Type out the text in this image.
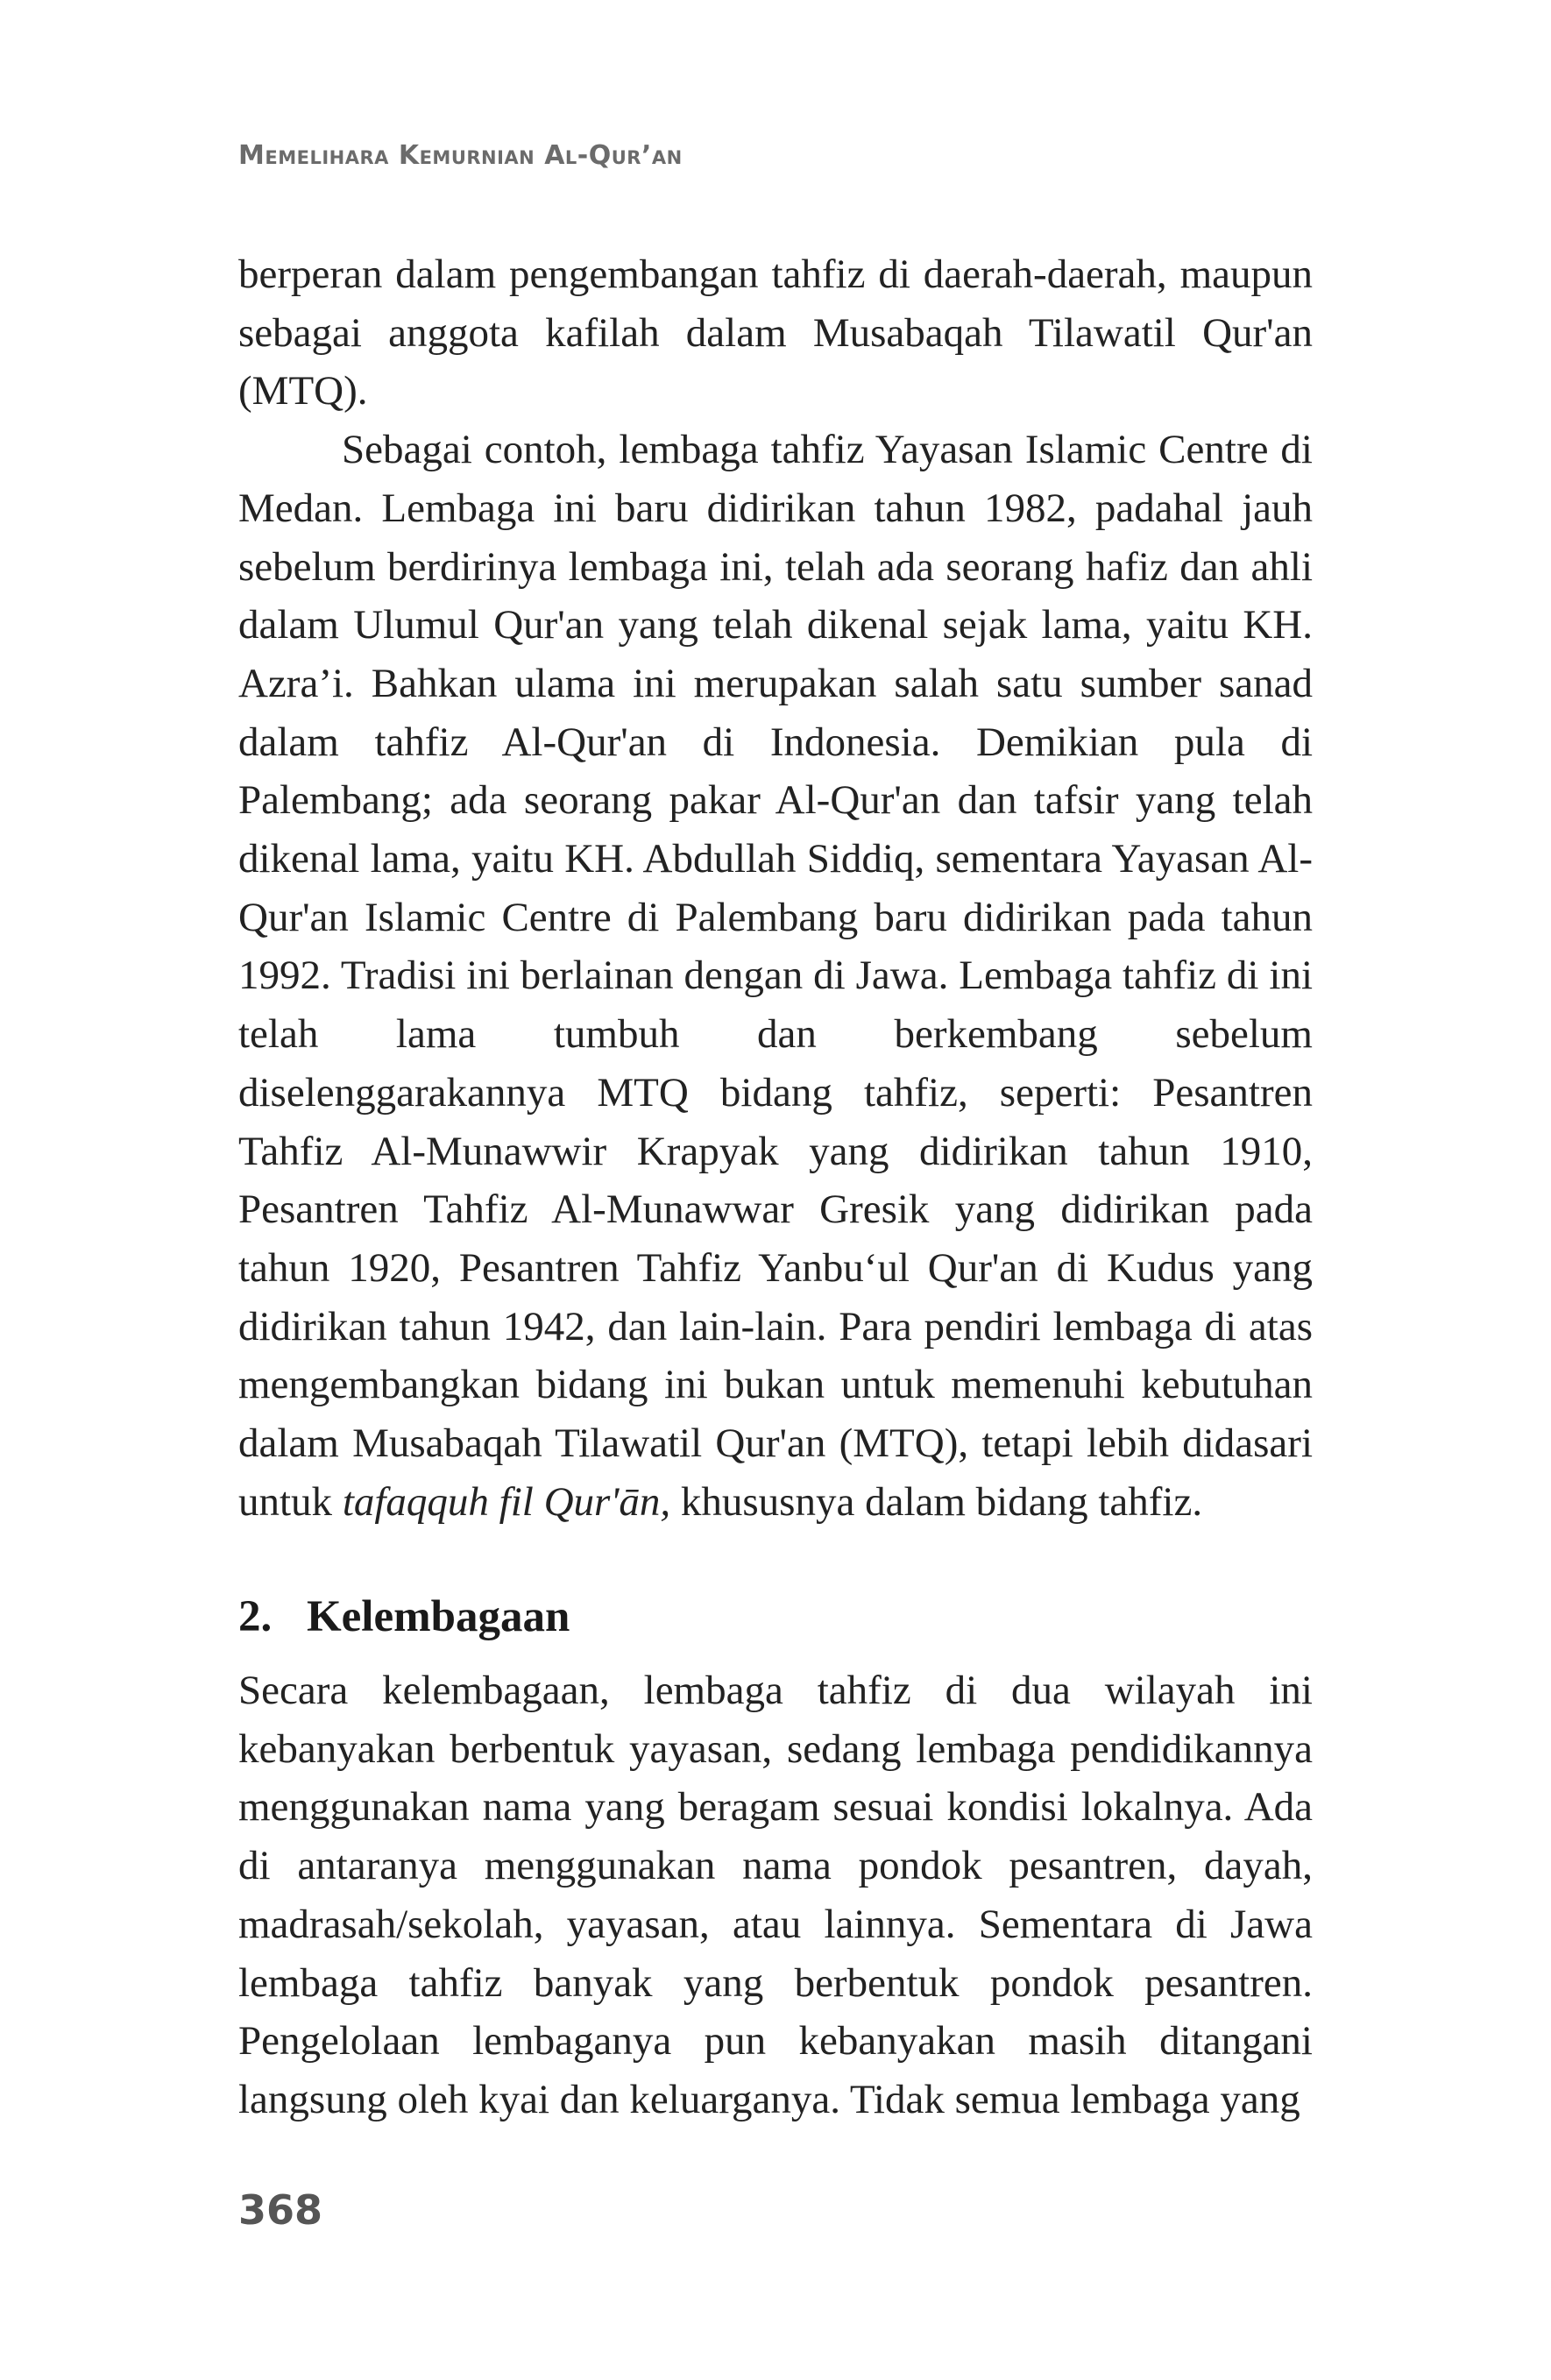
Memelihara Kemurnian Al-Qur’an

berperan dalam pengembangan tahfiz di daerah-daerah, maupun sebagai anggota kafilah dalam Musabaqah Tilawatil Qur'an (MTQ).

Sebagai contoh, lembaga tahfiz Yayasan Islamic Centre di Medan. Lembaga ini baru didirikan tahun 1982, padahal jauh sebelum berdirinya lembaga ini, telah ada seorang hafiz dan ahli dalam Ulumul Qur'an yang telah dikenal sejak lama, yaitu KH. Azra’i. Bahkan ulama ini merupakan salah satu sumber sanad dalam tahfiz Al-Qur'an di Indonesia. Demikian pula di Palembang; ada seorang pakar Al-Qur'an dan tafsir yang telah dikenal lama, yaitu KH. Abdullah Siddiq, sementara Yayasan Al-Qur'an Islamic Centre di Palembang baru didirikan pada tahun 1992. Tradisi ini berlainan dengan di Jawa. Lembaga tahfiz di ini telah lama tumbuh dan berkembang sebelum diselenggarakannya MTQ bidang tahfiz, seperti: Pesantren Tahfiz Al-Munawwir Krapyak yang didirikan tahun 1910, Pesantren Tahfiz Al-Munawwar Gresik yang didirikan pada tahun 1920, Pesantren Tahfiz Yanbu‘ul Qur'an di Kudus yang didirikan tahun 1942, dan lain-lain. Para pendiri lembaga di atas mengembangkan bidang ini bukan untuk memenuhi kebutuhan dalam Musabaqah Tilawatil Qur'an (MTQ), tetapi lebih didasari untuk tafaqquh fil Qur'ān, khususnya dalam bidang tahfiz.

2. Kelembagaan

Secara kelembagaan, lembaga tahfiz di dua wilayah ini kebanyakan berbentuk yayasan, sedang lembaga pendidikannya menggunakan nama yang beragam sesuai kondisi lokalnya. Ada di antaranya menggunakan nama pondok pesantren, dayah, madrasah/sekolah, yayasan, atau lainnya. Sementara di Jawa lembaga tahfiz banyak yang berbentuk pondok pesantren. Pengelolaan lembaganya pun kebanyakan masih ditangani langsung oleh kyai dan keluarganya. Tidak semua lembaga yang

368
